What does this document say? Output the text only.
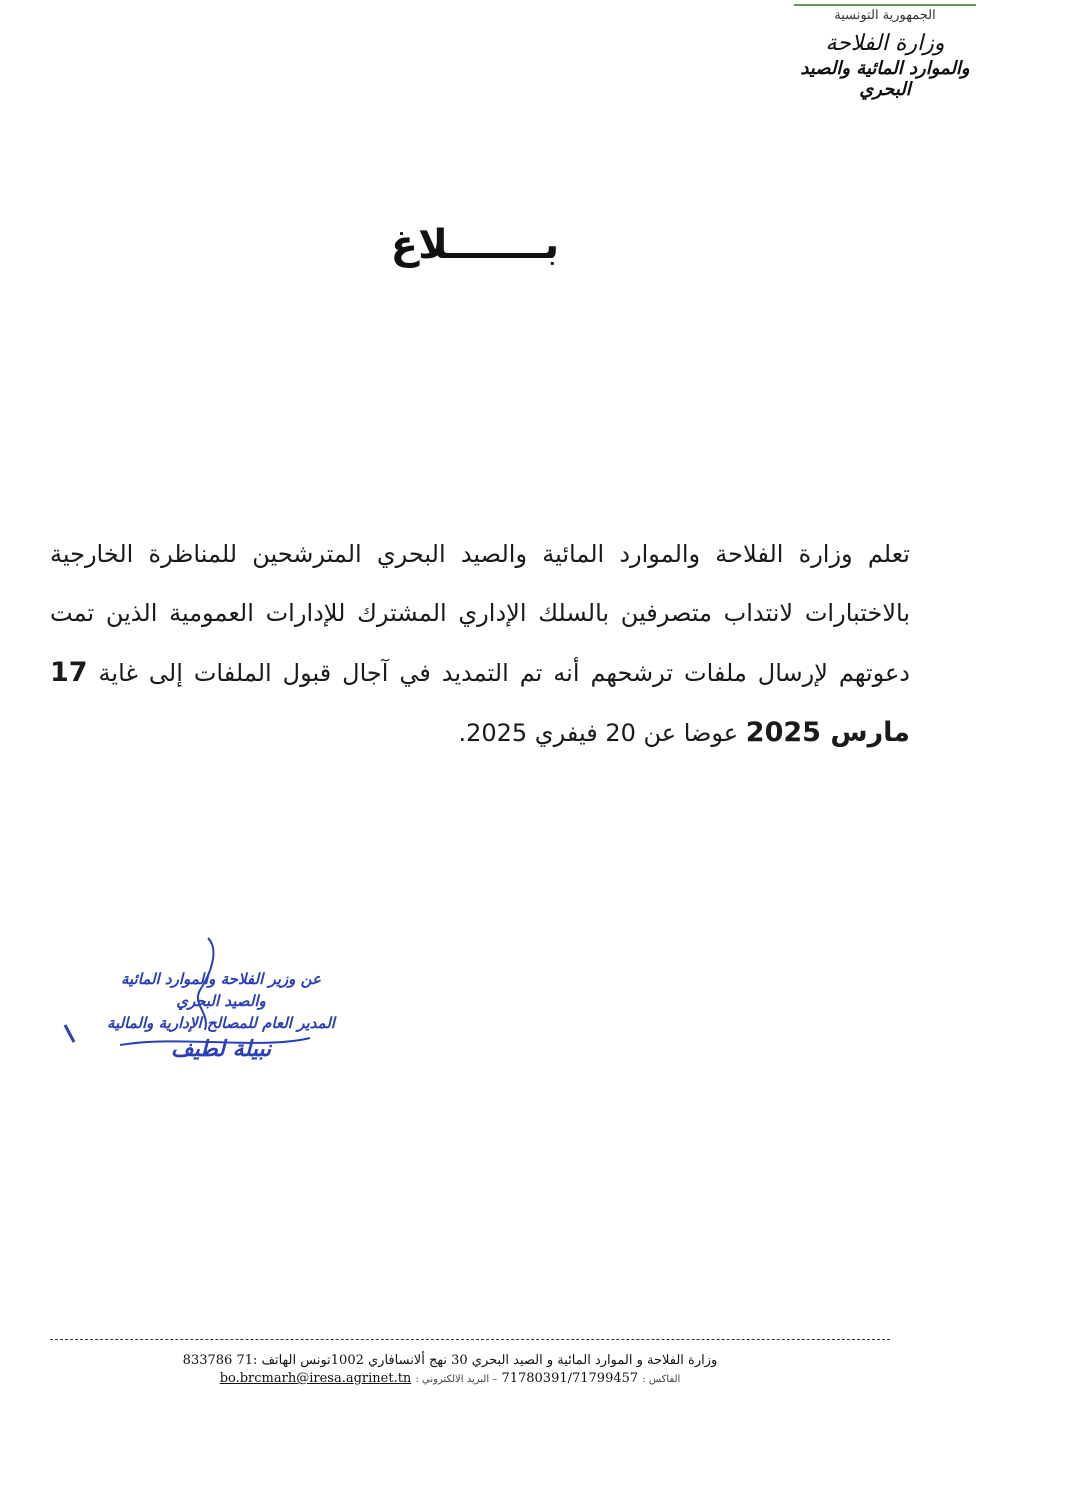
الجمهورية التونسية
وزارة الفلاحة
والموارد المائية والصيد البحري
بـــــــلاغ
تعلم وزارة الفلاحة والموارد المائية والصيد البحري المترشحين للمناظرة الخارجية بالاختبارات لانتداب متصرفين بالسلك الإداري المشترك للإدارات العمومية الذين تمت دعوتهم لإرسال ملفات ترشحهم أنه تم التمديد في آجال قبول الملفات إلى غاية 17 مارس 2025 عوضا عن 20 فيفري 2025.
عن وزير الفلاحة والموارد المائية
والصيد البحري
المدير العام للمصالح الإدارية والمالية
نبيلة لطيف
وزارة الفلاحة و الموارد المائية و الصيد البحري 30 نهج ألانسافاري 1002تونس الهاتف :71 833786
الفاكس : 71780391/71799457 – البريد الالكتروني : bo.brcmarh@iresa.agrinet.tn
